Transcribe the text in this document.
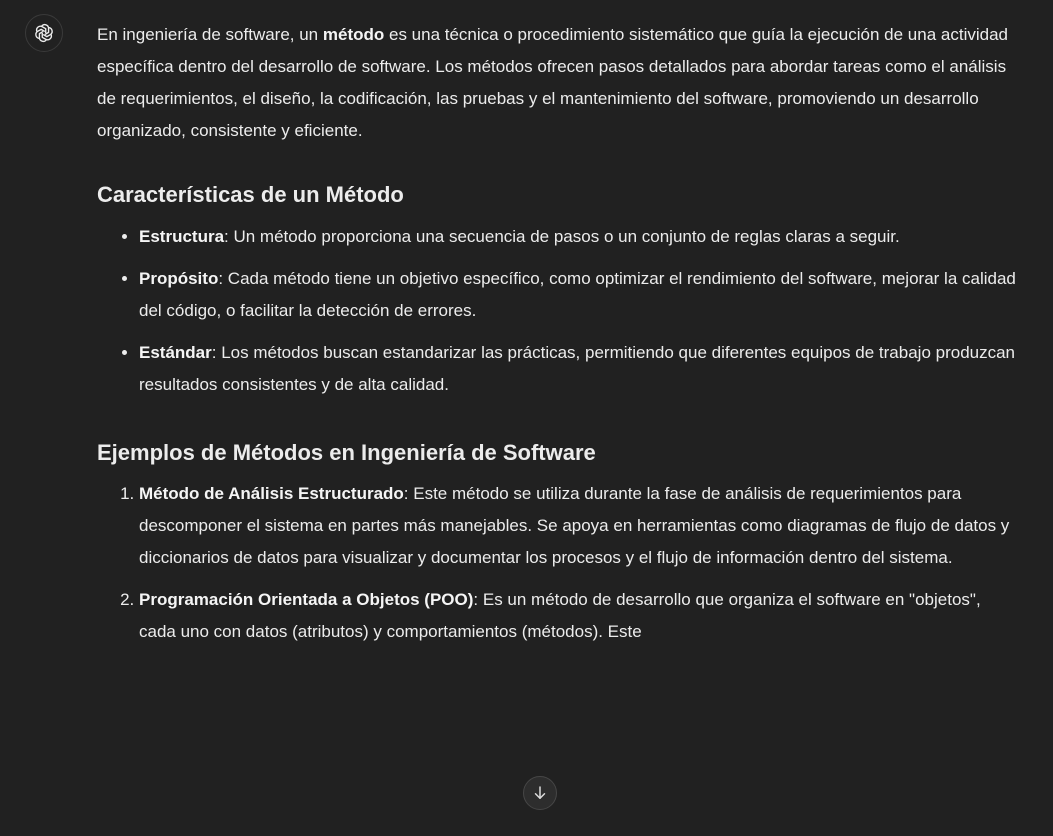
En ingeniería de software, un método es una técnica o procedimiento sistemático que guía la ejecución de una actividad específica dentro del desarrollo de software. Los métodos ofrecen pasos detallados para abordar tareas como el análisis de requerimientos, el diseño, la codificación, las pruebas y el mantenimiento del software, promoviendo un desarrollo organizado, consistente y eficiente.

Características de un Método
• Estructura: Un método proporciona una secuencia de pasos o un conjunto de reglas claras a seguir.
• Propósito: Cada método tiene un objetivo específico, como optimizar el rendimiento del software, mejorar la calidad del código, o facilitar la detección de errores.
• Estándar: Los métodos buscan estandarizar las prácticas, permitiendo que diferentes equipos de trabajo produzcan resultados consistentes y de alta calidad.
Ejemplos de Métodos en Ingeniería de Software
1. Método de Análisis Estructurado: Este método se utiliza durante la fase de análisis de requerimientos para descomponer el sistema en partes más manejables. Se apoya en herramientas como diagramas de flujo de datos y diccionarios de datos para visualizar y documentar los procesos y el flujo de información dentro del sistema.
2. Programación Orientada a Objetos (POO): Es un método de desarrollo que organiza el software en "objetos", cada uno con datos (atributos) y comportamientos (métodos). Este
